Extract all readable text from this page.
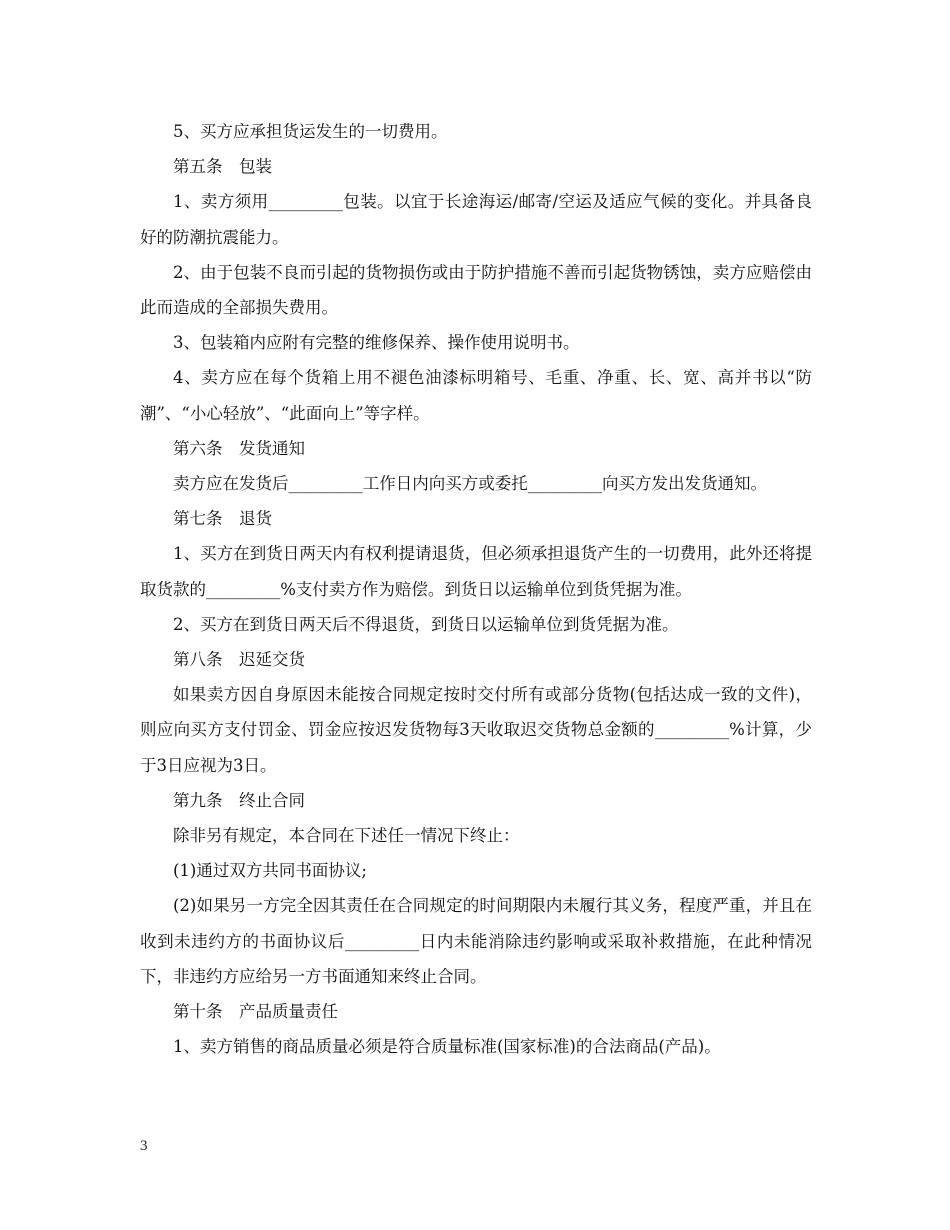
5、买方应承担货运发生的一切费用。

第五条　包装

1、卖方须用_________包装。以宜于长途海运/邮寄/空运及适应气候的变化。并具备良好的防潮抗震能力。

2、由于包装不良而引起的货物损伤或由于防护措施不善而引起货物锈蚀，卖方应赔偿由此而造成的全部损失费用。

3、包装箱内应附有完整的维修保养、操作使用说明书。

4、卖方应在每个货箱上用不褪色油漆标明箱号、毛重、净重、长、宽、高并书以“防潮”、“小心轻放”、“此面向上”等字样。

第六条　发货通知

卖方应在发货后_________工作日内向买方或委托_________向买方发出发货通知。

第七条　退货

1、买方在到货日两天内有权利提请退货，但必须承担退货产生的一切费用，此外还将提取货款的_________%支付卖方作为赔偿。到货日以运输单位到货凭据为准。

2、买方在到货日两天后不得退货，到货日以运输单位到货凭据为准。

第八条　迟延交货

如果卖方因自身原因未能按合同规定按时交付所有或部分货物(包括达成一致的文件)，则应向买方支付罚金、罚金应按迟发货物每3天收取迟交货物总金额的_________%计算，少于3日应视为3日。

第九条　终止合同

除非另有规定，本合同在下述任一情况下终止：

(1)通过双方共同书面协议;

(2)如果另一方完全因其责任在合同规定的时间期限内未履行其义务，程度严重，并且在收到未违约方的书面协议后_________日内未能消除违约影响或采取补救措施，在此种情况下，非违约方应给另一方书面通知来终止合同。

第十条　产品质量责任

1、卖方销售的商品质量必须是符合质量标准(国家标准)的合法商品(产品)。

3
